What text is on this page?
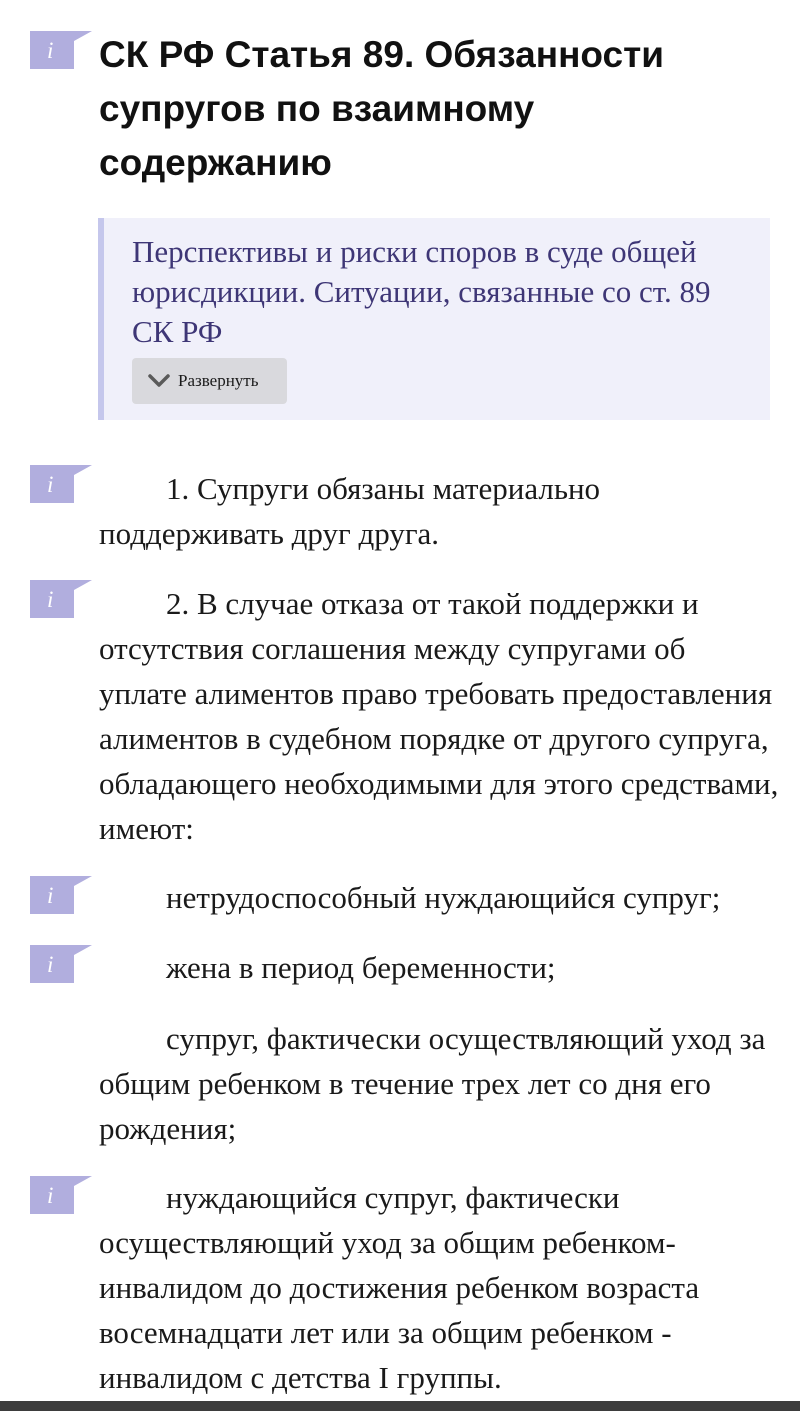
i
i
i
i
i
i
СК РФ Статья 89. Обязанности супругов по взаимному содержанию
Перспективы и риски споров в суде общей юрисдикции. Ситуации, связанные со ст. 89 СК РФ
Развернуть

1. Супруги обязаны материально поддерживать друг друга.

2. В случае отказа от такой поддержки и отсутствия соглашения между супругами об уплате алиментов право требовать предоставления алиментов в судебном порядке от другого супруга, обладающего необходимыми для этого средствами, имеют:

нетрудоспособный нуждающийся супруг;

жена в период беременности;

супруг, фактически осуществляющий уход за общим ребенком в течение трех лет со дня его рождения;

нуждающийся супруг, фактически осуществляющий уход за общим ребенком-инвалидом до достижения ребенком возраста восемнадцати лет или за общим ребенком - инвалидом с детства I группы.
